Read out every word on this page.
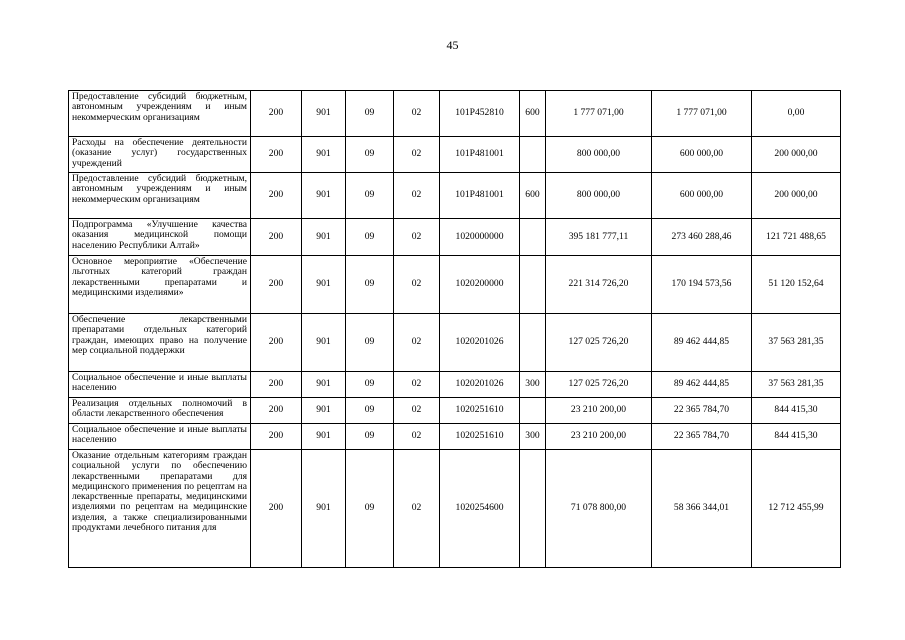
45
Предоставление субсидий бюджетным, автономным учреждениям и иным некоммерческим организациям	200	901	09	02	101P452810	600	1 777 071,00	1 777 071,00	0,00
Расходы на обеспечение деятельности (оказание услуг) государственных учреждений	200	901	09	02	101P481001		800 000,00	600 000,00	200 000,00
Предоставление субсидий бюджетным, автономным учреждениям и иным некоммерческим организациям	200	901	09	02	101P481001	600	800 000,00	600 000,00	200 000,00
Подпрограмма «Улучшение качества оказания медицинской помощи населению Республики Алтай»	200	901	09	02	1020000000		395 181 777,11	273 460 288,46	121 721 488,65
Основное мероприятие «Обеспечение льготных категорий граждан лекарственными препаратами и медицинскими изделиями»	200	901	09	02	1020200000		221 314 726,20	170 194 573,56	51 120 152,64
Обеспечение лекарственными препаратами отдельных категорий граждан, имеющих право на получение мер социальной поддержки	200	901	09	02	1020201026		127 025 726,20	89 462 444,85	37 563 281,35
Социальное обеспечение и иные выплаты населению	200	901	09	02	1020201026	300	127 025 726,20	89 462 444,85	37 563 281,35
Реализация отдельных полномочий в области лекарственного обеспечения	200	901	09	02	1020251610		23 210 200,00	22 365 784,70	844 415,30
Социальное обеспечение и иные выплаты населению	200	901	09	02	1020251610	300	23 210 200,00	22 365 784,70	844 415,30
Оказание отдельным категориям граждан социальной услуги по обеспечению лекарственными препаратами для медицинского применения по рецептам на лекарственные препараты, медицинскими изделиями по рецептам на медицинские изделия, а также специализированными продуктами лечебного питания для	200	901	09	02	1020254600		71 078 800,00	58 366 344,01	12 712 455,99
